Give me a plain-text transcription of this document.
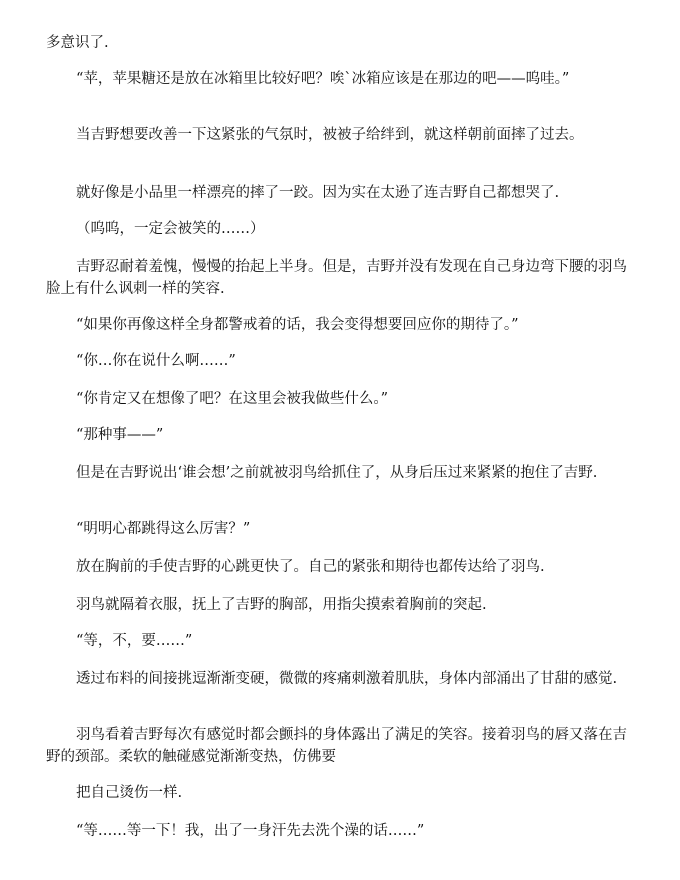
多意识了.

“苹，苹果糖还是放在冰箱里比较好吧？唉`冰箱应该是在那边的吧——呜哇。”

当吉野想要改善一下这紧张的气氛时，被被子给绊到，就这样朝前面摔了过去。

就好像是小品里一样漂亮的摔了一跤。因为实在太逊了连吉野自己都想哭了.

（呜呜，一定会被笑的……）

吉野忍耐着羞愧，慢慢的抬起上半身。但是，吉野并没有发现在自己身边弯下腰的羽鸟脸上有什么讽刺一样的笑容.

“如果你再像这样全身都警戒着的话，我会变得想要回应你的期待了。”

“你…你在说什么啊……”

“你肯定又在想像了吧？在这里会被我做些什么。”

“那种事——”

但是在吉野说出‘谁会想’之前就被羽鸟给抓住了，从身后压过来紧紧的抱住了吉野.

“明明心都跳得这么厉害？”

放在胸前的手使吉野的心跳更快了。自己的紧张和期待也都传达给了羽鸟.

羽鸟就隔着衣服，抚上了吉野的胸部，用指尖摸索着胸前的突起.

“等，不，要……”

透过布料的间接挑逗渐渐变硬，微微的疼痛刺激着肌肤，身体内部涌出了甘甜的感觉.

羽鸟看着吉野每次有感觉时都会颤抖的身体露出了满足的笑容。接着羽鸟的唇又落在吉野的颈部。柔软的触碰感觉渐渐变热，仿佛要

把自己烫伤一样.

“等……等一下！我，出了一身汗先去洗个澡的话……”
